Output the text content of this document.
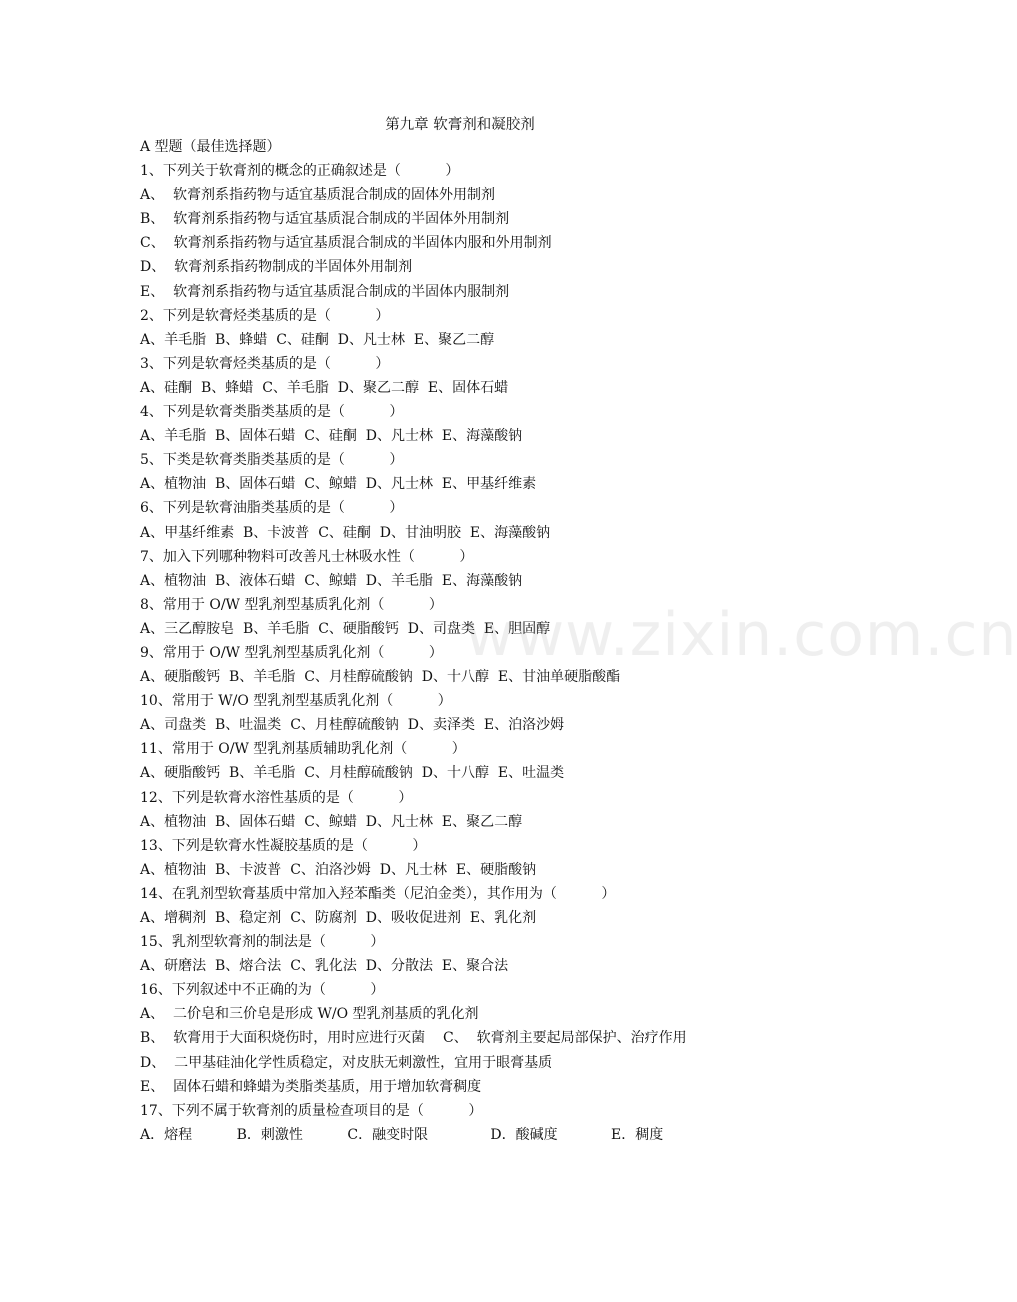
第九章 软膏剂和凝胶剂
A 型题（最佳选择题）
1、下列关于软膏剂的概念的正确叙述是（          ）
A、  软膏剂系指药物与适宜基质混合制成的固体外用制剂
B、  软膏剂系指药物与适宜基质混合制成的半固体外用制剂
C、  软膏剂系指药物与适宜基质混合制成的半固体内服和外用制剂
D、  软膏剂系指药物制成的半固体外用制剂
E、  软膏剂系指药物与适宜基质混合制成的半固体内服制剂
2、下列是软膏烃类基质的是（          ）
A、羊毛脂  B、蜂蜡  C、硅酮  D、凡士林  E、聚乙二醇
3、下列是软膏烃类基质的是（          ）
A、硅酮  B、蜂蜡  C、羊毛脂  D、聚乙二醇  E、固体石蜡
4、下列是软膏类脂类基质的是（          ）
A、羊毛脂  B、固体石蜡  C、硅酮  D、凡士林  E、海藻酸钠
5、下类是软膏类脂类基质的是（          ）
A、植物油  B、固体石蜡  C、鲸蜡  D、凡士林  E、甲基纤维素
6、下列是软膏油脂类基质的是（          ）
A、甲基纤维素  B、卡波普  C、硅酮  D、甘油明胶  E、海藻酸钠
7、加入下列哪种物料可改善凡士林吸水性（          ）
A、植物油  B、液体石蜡  C、鲸蜡  D、羊毛脂  E、海藻酸钠
8、常用于 O/W 型乳剂型基质乳化剂（          ）
A、三乙醇胺皂  B、羊毛脂  C、硬脂酸钙  D、司盘类  E、胆固醇
9、常用于 O/W 型乳剂型基质乳化剂（          ）
A、硬脂酸钙  B、羊毛脂  C、月桂醇硫酸钠  D、十八醇  E、甘油单硬脂酸酯
10、常用于 W/O 型乳剂型基质乳化剂（          ）
A、司盘类  B、吐温类  C、月桂醇硫酸钠  D、卖泽类  E、泊洛沙姆
11、常用于 O/W 型乳剂基质辅助乳化剂（          ）
A、硬脂酸钙  B、羊毛脂  C、月桂醇硫酸钠  D、十八醇  E、吐温类
12、下列是软膏水溶性基质的是（          ）
A、植物油  B、固体石蜡  C、鲸蜡  D、凡士林  E、聚乙二醇
13、下列是软膏水性凝胶基质的是（          ）
A、植物油  B、卡波普  C、泊洛沙姆  D、凡士林  E、硬脂酸钠
14、在乳剂型软膏基质中常加入羟苯酯类（尼泊金类），其作用为（          ）
A、增稠剂  B、稳定剂  C、防腐剂  D、吸收促进剂  E、乳化剂
15、乳剂型软膏剂的制法是（          ）
A、研磨法  B、熔合法  C、乳化法  D、分散法  E、聚合法
16、下列叙述中不正确的为（          ）
A、  二价皂和三价皂是形成 W/O 型乳剂基质的乳化剂
B、  软膏用于大面积烧伤时，用时应进行灭菌    C、  软膏剂主要起局部保护、治疗作用
D、  二甲基硅油化学性质稳定，对皮肤无刺激性，宜用于眼膏基质
E、  固体石蜡和蜂蜡为类脂类基质，用于增加软膏稠度
17、下列不属于软膏剂的质量检查项目的是（          ）
A．熔程          B．刺激性          C．融变时限              D．酸碱度            E．稠度
www.zixin.com.cn
